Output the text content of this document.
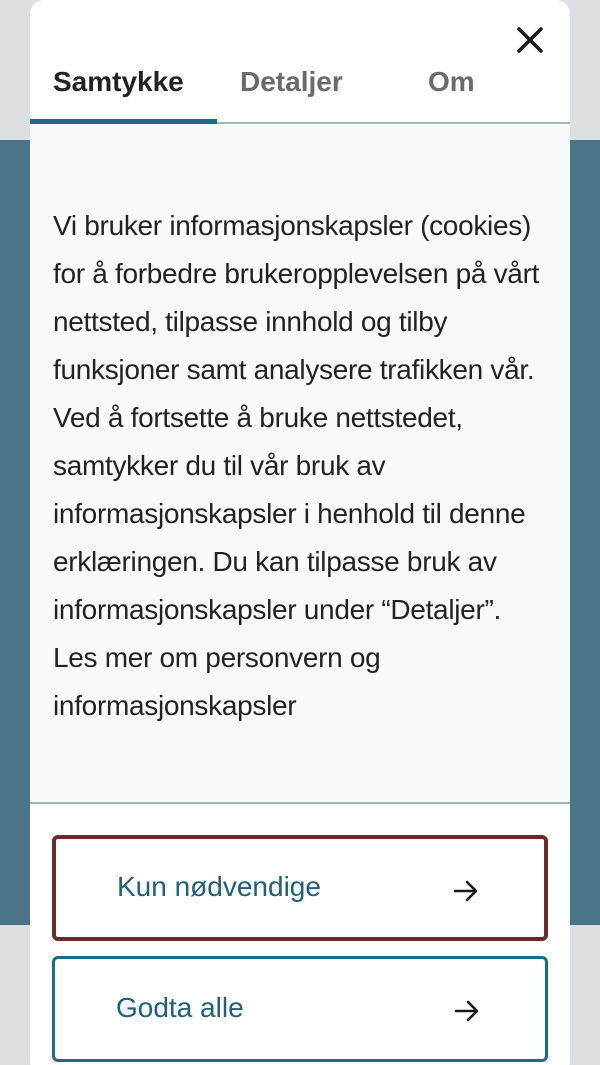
Samtykke Detaljer	Om
Vi bruker informasjonskapsler (cookies) for å forbedre brukeropplevelsen på vårt nettsted, tilpasse innhold og tilby funksjoner samt analysere trafikken vår. Ved å fortsette å bruke nettstedet, samtykker du til vår bruk av informasjonskapsler i henhold til denne erklæringen. Du kan tilpasse bruk av informasjonskapsler under “Detaljer”. Les mer om personvern og informasjonskapsler
Kun nødvendige
Godta alle
